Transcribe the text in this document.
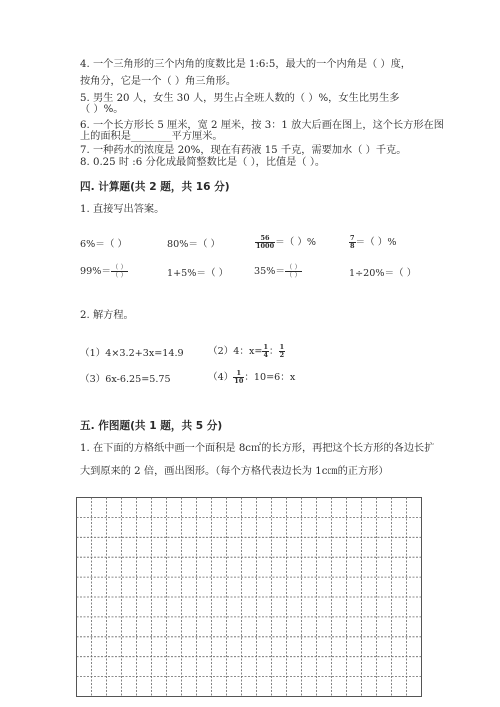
4. 一个三角形的三个内角的度数比是 1:6:5，最大的一个内角是（ ）度，
按角分，它是一个（ ）角三角形。
5. 男生 20 人，女生 30 人，男生占全班人数的（ ）%，女生比男生多
（ ）%。
6. 一个长方形长 5 厘米，宽 2 厘米，按 3：1 放大后画在图上，这个长方形在图
上的面积是________平方厘米。
7. 一种药水的浓度是 20%，现在有药液 15 千克，需要加水（ ）千克。
8. 0.25 时 :6 分化成最简整数比是（ ），比值是（ ）。
四. 计算题(共 2 题，共 16 分)
1. 直接写出答案。
6%＝（ ）	80%＝（ ）	$\frac{56}{1000}$ ＝（ ）%	$\frac{7}{8}$ ＝（ ）%
$99\%= \frac{( )}{( )}$	1+5%＝（ ）	$35\%= \frac{( )}{( )}$	1÷20%＝（ ）
2. 解方程。
（1）4×3.2+3x=14.9	（2）4：$x= \frac{1}{4}$ ： $\frac{1}{2}$
（3）6x-6.25=5.75	$(4) \frac{1}{10}$ ：10=6：x
五. 作图题(共 1 题，共 5 分)
1. 在下面的方格纸中画一个面积是 8c㎡的长方形，再把这个长方形的各边长扩
大到原来的 2 倍，画出图形。（每个方格代表边长为 1c㎝的正方形）
